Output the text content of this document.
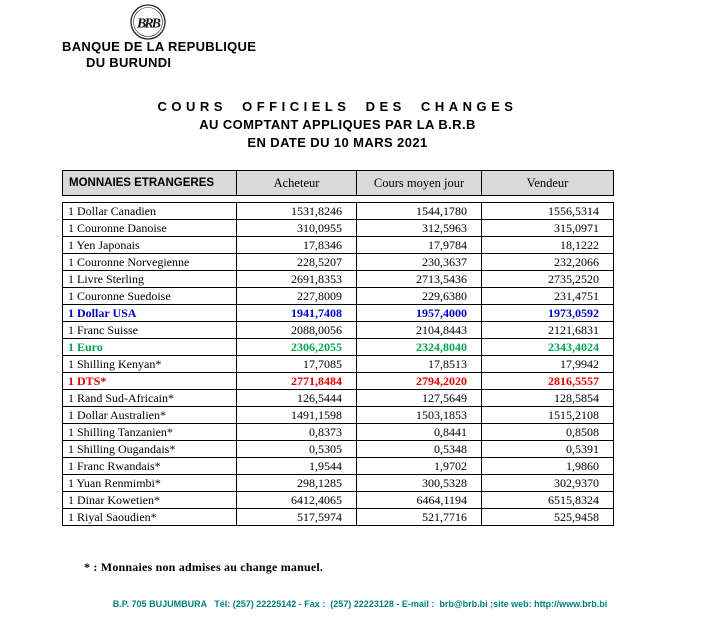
BRB
BANQUE DE LA REPUBLIQUE
DU BURUNDI
COURS OFFICIELS DES CHANGES
AU COMPTANT APPLIQUES PAR LA B.R.B
EN DATE DU 10 MARS 2021
MONNAIES ETRANGERES	Acheteur	Cours moyen jour	Vendeur
1 Dollar Canadien	1531,8246	1544,1780	1556,5314
1 Couronne Danoise	310,0955	312,5963	315,0971
1 Yen Japonais	17,8346	17,9784	18,1222
1 Couronne Norvegienne	228,5207	230,3637	232,2066
1 Livre Sterling	2691,8353	2713,5436	2735,2520
1 Couronne Suedoise	227,8009	229,6380	231,4751
1 Dollar USA	1941,7408	1957,4000	1973,0592
1 Franc Suisse	2088,0056	2104,8443	2121,6831
1 Euro	2306,2055	2324,8040	2343,4024
1 Shilling Kenyan*	17,7085	17,8513	17,9942
1 DTS*	2771,8484	2794,2020	2816,5557
1 Rand Sud-Africain*	126,5444	127,5649	128,5854
1 Dollar Australien*	1491,1598	1503,1853	1515,2108
1 Shilling Tanzanien*	0,8373	0,8441	0,8508
1 Shilling Ougandais*	0,5305	0,5348	0,5391
1 Franc Rwandais*	1,9544	1,9702	1,9860
1 Yuan Renmimbi*	298,1285	300,5328	302,9370
1 Dinar Kowetien*	6412,4065	6464,1194	6515,8324
1 Riyal Saoudien*	517,5974	521,7716	525,9458
* : Monnaies non admises au change manuel.
B.P. 705 BUJUMBURA   Tél: (257) 22225142 - Fax :  (257) 22223128 - E-mail :  brb@brb.bi ;site web: http://www.brb.bi
